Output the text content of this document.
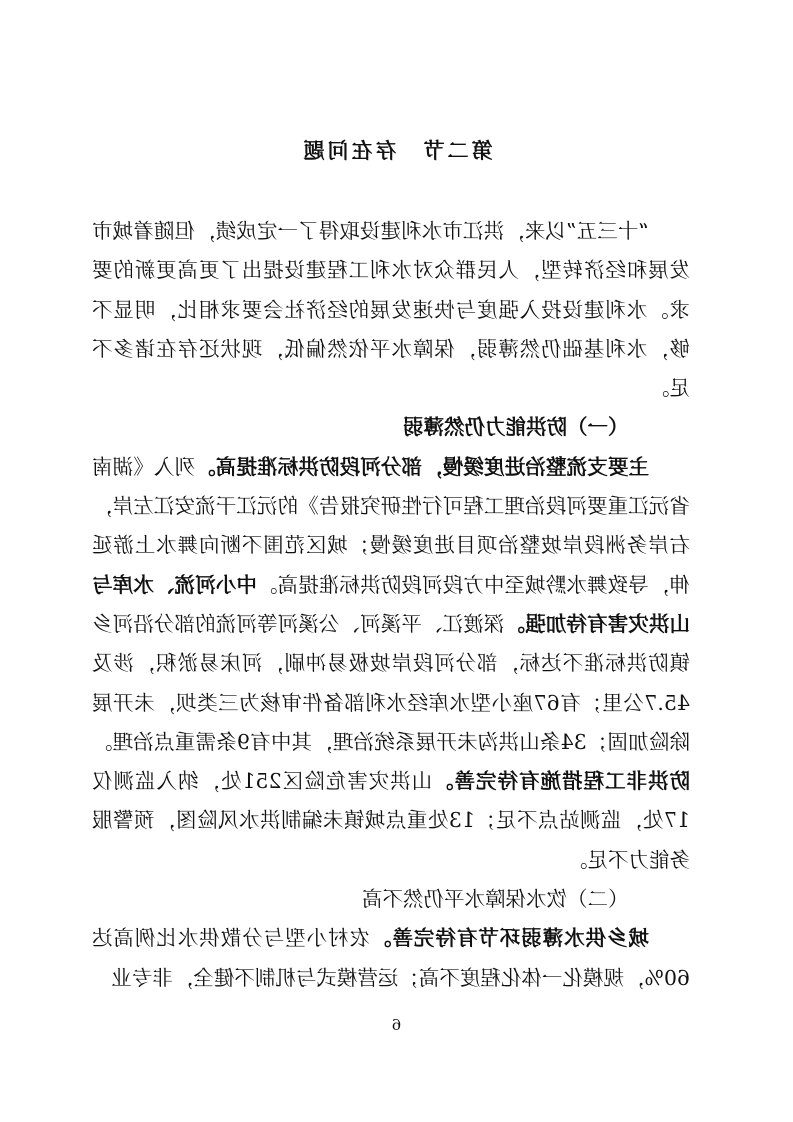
第二节　存在问题

“十三五”以来，洪江市水利建设取得了一定成绩，但随着城市发展和经济转型，人民群众对水利工程建设提出了更高更新的要求。水利建设投入强度与快速发展的经济社会要求相比，明显不够，水利基础仍然薄弱，保障水平依然偏低，现状还存在诸多不足。

（一）防洪能力仍然薄弱

主要支流整治进度缓慢，部分河段防洪标准提高。列入《湖南省沅江重要河段治理工程可行性研究报告》的沅江干流安江左岸，右岸务洲段岸坡整治项目进度缓慢；城区范围不断向舞水上游延伸，导致舞水黔城至中方段河段防洪标准提高。中小河流、水库与山洪灾害有待加强。深渡江、平溪河、公溪河等河流的部分沿河乡镇防洪标准不达标，部分河段岸坡极易冲刷，河床易淤积，涉及45.7公里；有67座小型水库经水利部备件审核为三类坝，未开展除险加固；34条山洪沟未开展系统治理，其中有9条需重点治理。防洪非工程措施有待完善。山洪灾害危险区251处，纳入监测仅17处，监测站点不足；13处重点城镇未编制洪水风险图，预警服务能力不足。

（二）饮水保障水平仍然不高

城乡供水薄弱环节有待完善。农村小型与分散供水比例高达60%，规模化一体化程度不高；运营模式与机制不健全，非专业

6
